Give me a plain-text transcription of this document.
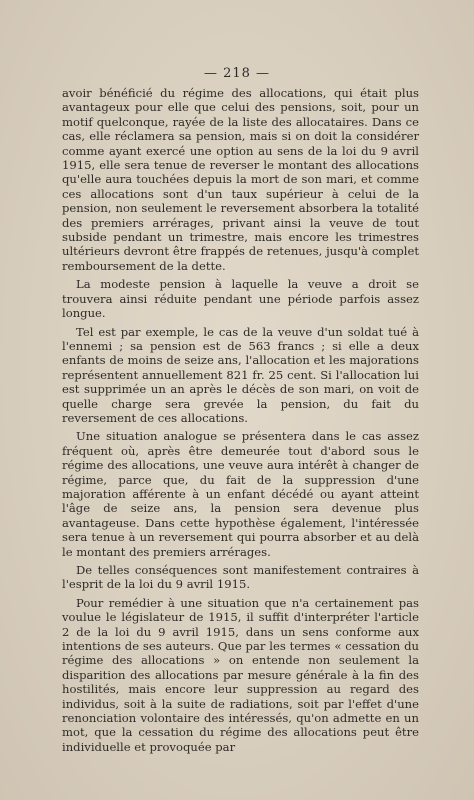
— 218 —

avoir bénéficié du régime des allocations, qui était plus avantageux pour elle que celui des pensions, soit, pour un motif quelconque, rayée de la liste des allocataires. Dans ce cas, elle réclamera sa pension, mais si on doit la considérer comme ayant exercé une option au sens de la loi du 9 avril 1915, elle sera tenue de reverser le montant des allocations qu'elle aura touchées depuis la mort de son mari, et comme ces allocations sont d'un taux supérieur à celui de la pension, non seulement le reversement absorbera la totalité des premiers arrérages, privant ainsi la veuve de tout subside pendant un trimestre, mais encore les trimestres ultérieurs devront être frappés de retenues, jusqu'à complet remboursement de la dette.

La modeste pension à laquelle la veuve a droit se trouvera ainsi réduite pendant une période parfois assez longue.

Tel est par exemple, le cas de la veuve d'un soldat tué à l'ennemi ; sa pension est de 563 francs ; si elle a deux enfants de moins de seize ans, l'allocation et les majorations représentent annuellement 821 fr. 25 cent. Si l'allocation lui est supprimée un an après le décès de son mari, on voit de quelle charge sera grevée la pension, du fait du reversement de ces allocations.

Une situation analogue se présentera dans le cas assez fréquent où, après être demeurée tout d'abord sous le régime des allocations, une veuve aura intérêt à changer de régime, parce que, du fait de la suppression d'une majoration afférente à un enfant décédé ou ayant atteint l'âge de seize ans, la pension sera devenue plus avantageuse. Dans cette hypothèse également, l'intéressée sera tenue à un reversement qui pourra absorber et au delà le montant des premiers arrérages.

De telles conséquences sont manifestement contraires à l'esprit de la loi du 9 avril 1915.

Pour remédier à une situation que n'a certainement pas voulue le législateur de 1915, il suffit d'interpréter l'article 2 de la loi du 9 avril 1915, dans un sens conforme aux intentions de ses auteurs. Que par les termes « cessation du régime des allocations » on entende non seulement la disparition des allocations par mesure générale à la fin des hostilités, mais encore leur suppression au regard des individus, soit à la suite de radiations, soit par l'effet d'une renonciation volontaire des intéressés, qu'on admette en un mot, que la cessation du régime des allocations peut être individuelle et provoquée par
